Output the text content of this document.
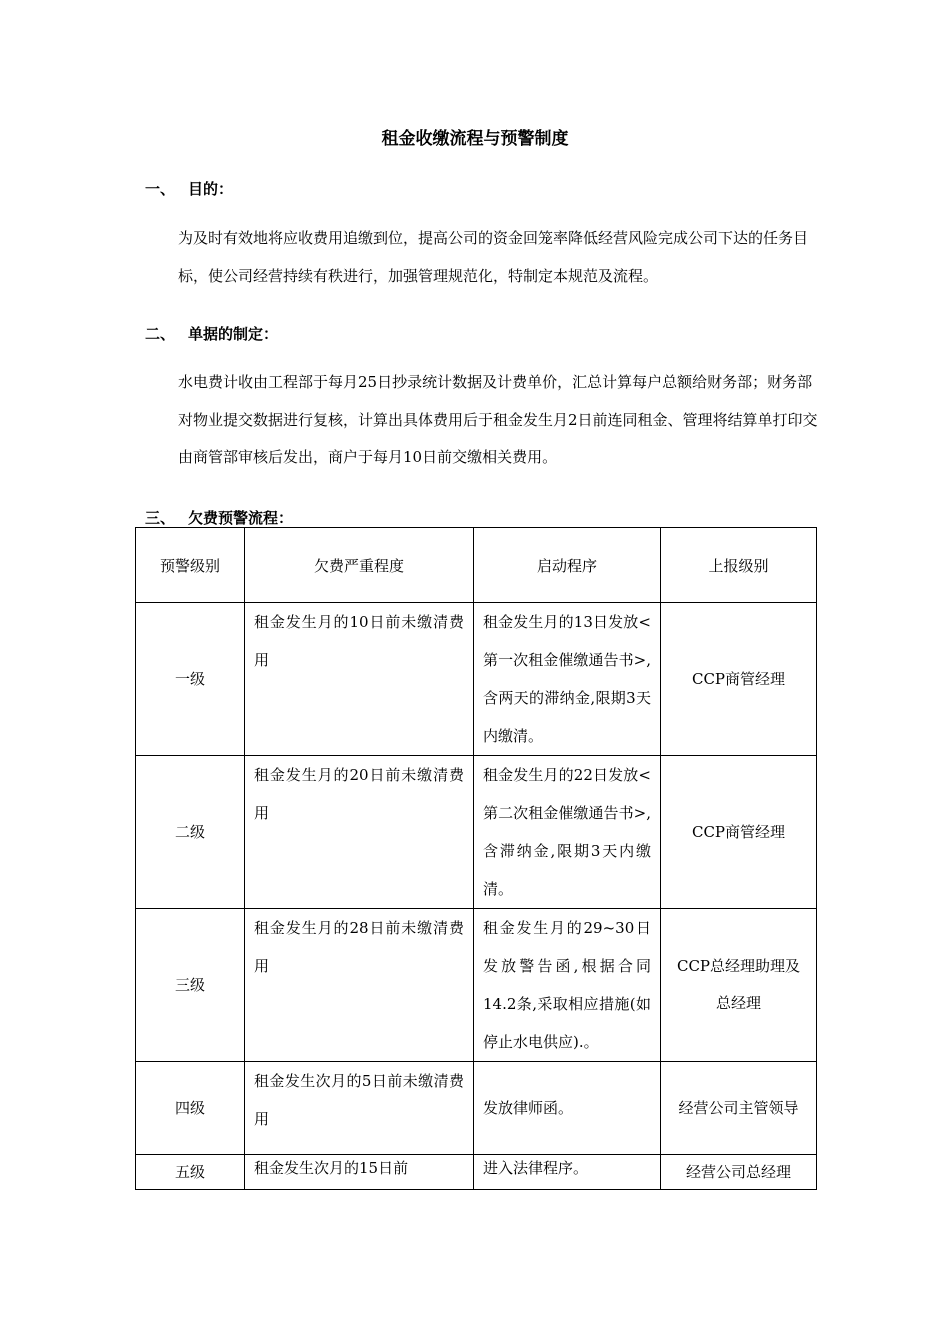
租金收缴流程与预警制度
一、 目的：
为及时有效地将应收费用追缴到位，提高公司的资金回笼率降低经营风险完成公司下达的任务目标，使公司经营持续有秩进行，加强管理规范化，特制定本规范及流程。
二、 单据的制定：
水电费计收由工程部于每月25日抄录统计数据及计费单价，汇总计算每户总额给财务部；财务部对物业提交数据进行复核，计算出具体费用后于租金发生月2日前连同租金、管理将结算单打印交由商管部审核后发出，商户于每月10日前交缴相关费用。
三、 欠费预警流程：
预警级别	欠费严重程度	启动程序	上报级别
一级	租金发生月的10日前未缴清费用	租金发生月的13日发放<第一次租金催缴通告书>,含两天的滞纳金,限期3天内缴清。	CCP商管经理
二级	租金发生月的20日前未缴清费用	租金发生月的22日发放<第二次租金催缴通告书>,含滞纳金,限期3天内缴清。	CCP商管经理
三级	租金发生月的28日前未缴清费用	租金发生月的29~30日发放警告函,根据合同14.2条,采取相应措施(如停止水电供应).。	CCP总经理助理及总经理
四级	租金发生次月的5日前未缴清费用	发放律师函。	经营公司主管领导
五级	租金发生次月的15日前	进入法律程序。	经营公司总经理
